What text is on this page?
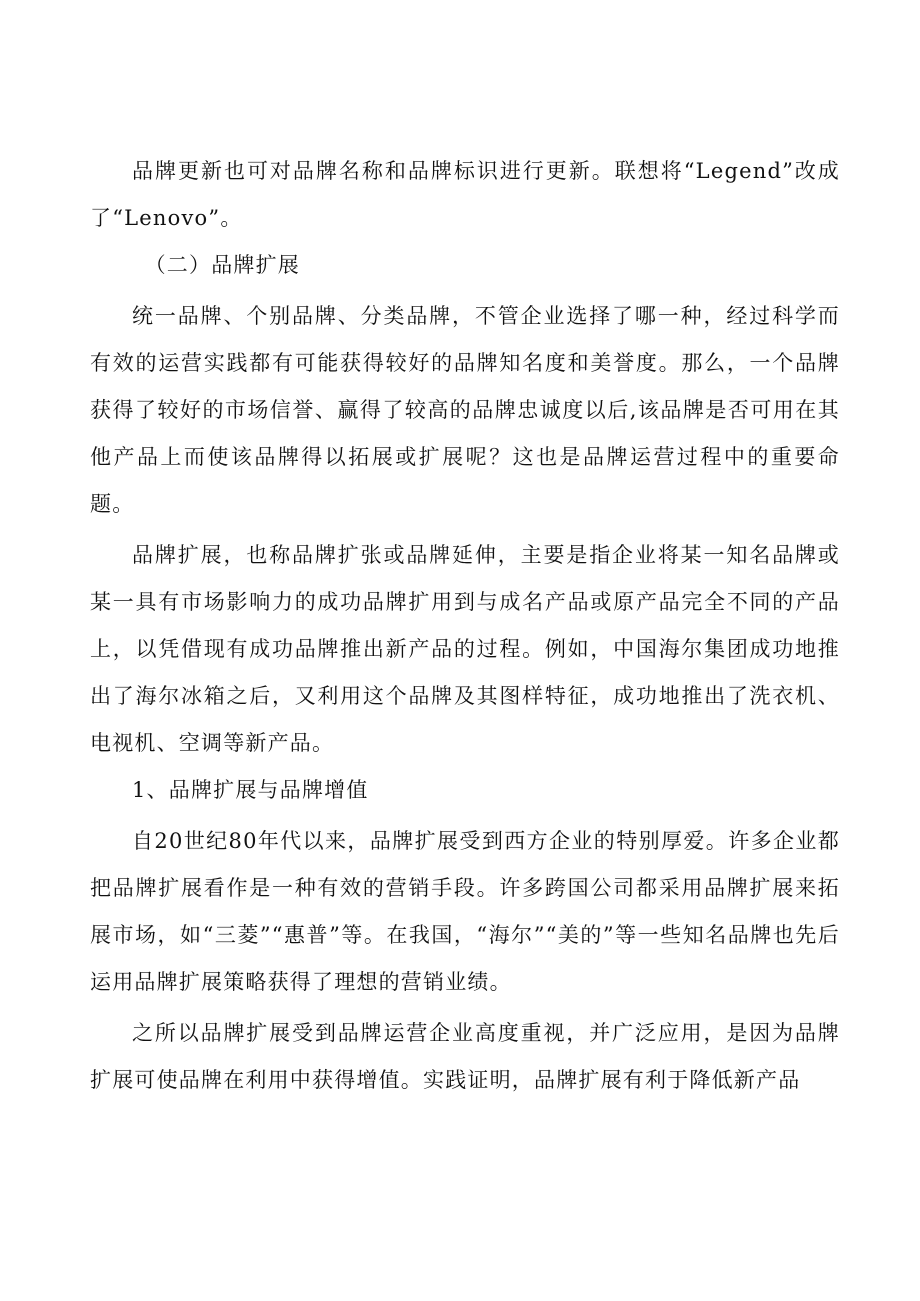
品牌更新也可对品牌名称和品牌标识进行更新。联想将“Legend”改成了“Lenovo”。

（二）品牌扩展

统一品牌、个别品牌、分类品牌，不管企业选择了哪一种，经过科学而有效的运营实践都有可能获得较好的品牌知名度和美誉度。那么，一个品牌获得了较好的市场信誉、赢得了较高的品牌忠诚度以后,该品牌是否可用在其他产品上而使该品牌得以拓展或扩展呢？这也是品牌运营过程中的重要命题。

品牌扩展，也称品牌扩张或品牌延伸，主要是指企业将某一知名品牌或某一具有市场影响力的成功品牌扩用到与成名产品或原产品完全不同的产品上，以凭借现有成功品牌推出新产品的过程。例如，中国海尔集团成功地推出了海尔冰箱之后，又利用这个品牌及其图样特征，成功地推出了洗衣机、电视机、空调等新产品。

1、品牌扩展与品牌增值

自20世纪80年代以来，品牌扩展受到西方企业的特别厚爱。许多企业都把品牌扩展看作是一种有效的营销手段。许多跨国公司都采用品牌扩展来拓展市场，如“三菱”“惠普”等。在我国，“海尔”“美的”等一些知名品牌也先后运用品牌扩展策略获得了理想的营销业绩。

之所以品牌扩展受到品牌运营企业高度重视，并广泛应用，是因为品牌扩展可使品牌在利用中获得增值。实践证明，品牌扩展有利于降低新产品
